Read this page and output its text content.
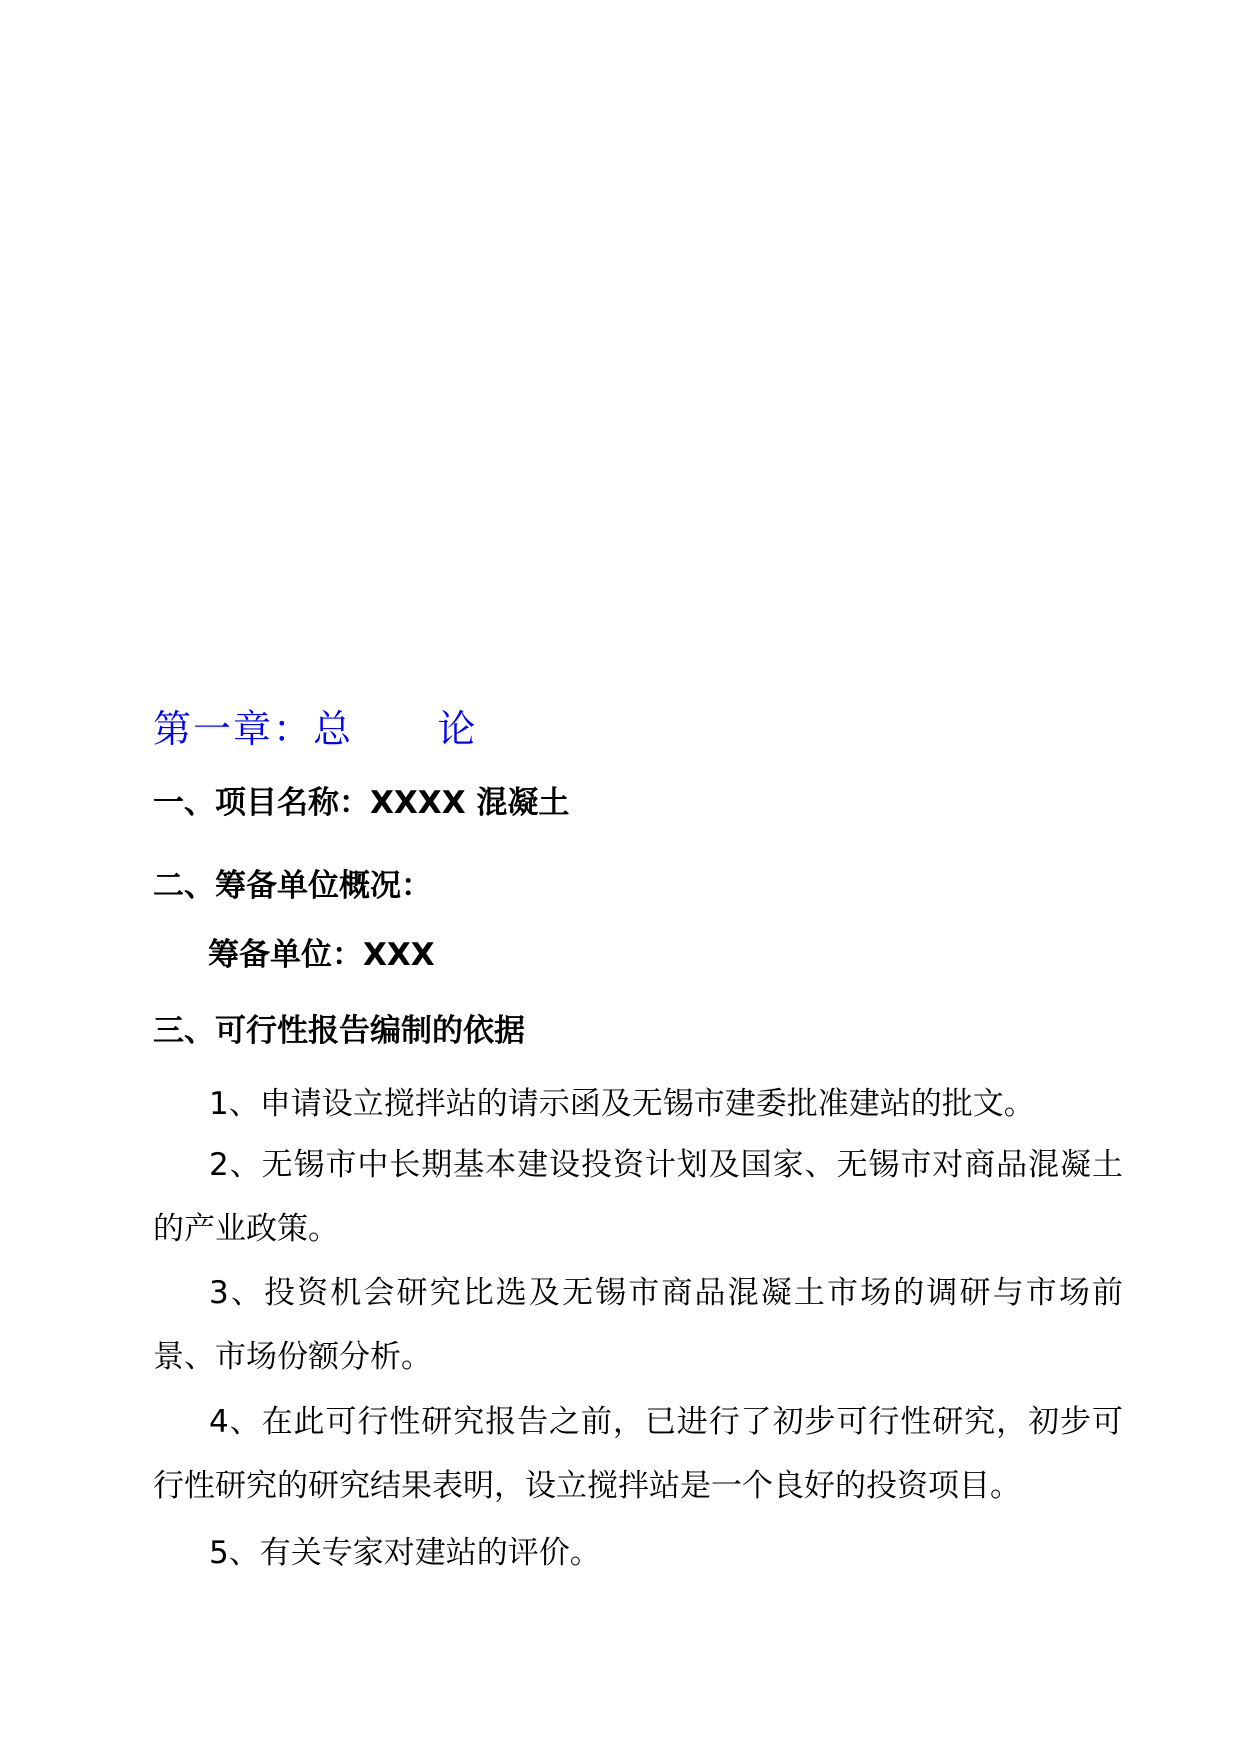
第一章：总      论
一、项目名称：XXXX 混凝土
二、筹备单位概况：
筹备单位：XXX
三、可行性报告编制的依据
1、申请设立搅拌站的请示函及无锡市建委批准建站的批文。
2、无锡市中长期基本建设投资计划及国家、无锡市对商品混凝土的产业政策。
3、投资机会研究比选及无锡市商品混凝土市场的调研与市场前景、市场份额分析。
4、在此可行性研究报告之前，已进行了初步可行性研究，初步可行性研究的研究结果表明，设立搅拌站是一个良好的投资项目。
5、有关专家对建站的评价。
